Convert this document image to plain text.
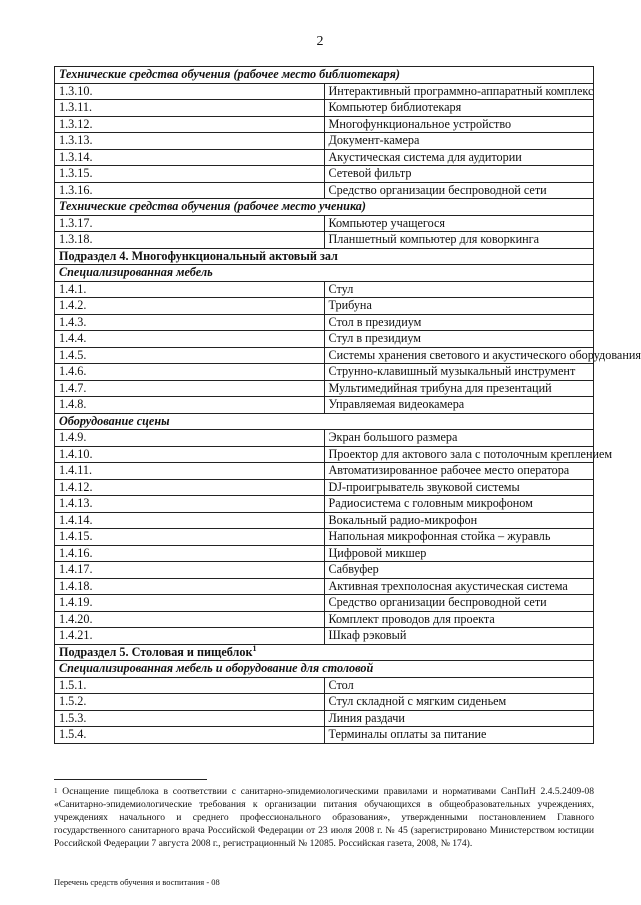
2
Технические средства обучения (рабочее место библиотекаря)	
1.3.10.	Интерактивный программно-аппаратный комплекс
1.3.11.	Компьютер библиотекаря
1.3.12.	Многофункциональное устройство
1.3.13.	Документ-камера
1.3.14.	Акустическая система для аудитории
1.3.15.	Сетевой фильтр
1.3.16.	Средство организации беспроводной сети
Технические средства обучения (рабочее место ученика)	
1.3.17.	Компьютер учащегося
1.3.18.	Планшетный компьютер для коворкинга
Подраздел 4. Многофункциональный актовый зал	
Специализированная мебель	
1.4.1.	Стул
1.4.2.	Трибуна
1.4.3.	Стол в президиум
1.4.4.	Стул в президиум
1.4.5.	Системы хранения светового и акустического оборудования
1.4.6.	Струнно-клавишный музыкальный инструмент
1.4.7.	Мультимедийная трибуна для презентаций
1.4.8.	Управляемая видеокамера
Оборудование сцены	
1.4.9.	Экран большого размера
1.4.10.	Проектор для актового зала с потолочным креплением
1.4.11.	Автоматизированное рабочее место оператора
1.4.12.	DJ-проигрыватель звуковой системы
1.4.13.	Радиосистема с головным микрофоном
1.4.14.	Вокальный радио-микрофон
1.4.15.	Напольная микрофонная стойка – журавль
1.4.16.	Цифровой микшер
1.4.17.	Сабвуфер
1.4.18.	Активная трехполосная акустическая система
1.4.19.	Средство организации беспроводной сети
1.4.20.	Комплект проводов для проекта
1.4.21.	Шкаф рэковый
Подраздел 5. Столовая и пищеблок$^1$
Специализированная мебель и оборудование для столовой	
1.5.1.	Стол
1.5.2.	Стул складной с мягким сиденьем
1.5.3.	Линия раздачи
1.5.4.	Терминалы оплаты за питание
$^1$ Оснащение пищеблока в соответствии с санитарно-эпидемиологическими правилами и нормативами СанПиН 2.4.5.2409-08 «Санитарно-эпидемиологические требования к организации питания обучающихся в общеобразовательных учреждениях, учреждениях начального и среднего профессионального образования», утвержденными постановлением Главного государственного санитарного врача Российской Федерации от 23 июля 2008 г. № 45 (зарегистрировано Министерством юстиции Российской Федерации 7 августа 2008 г., регистрационный № 12085. Российская газета, 2008, № 174).
Перечень средств обучения и воспитания - 08
